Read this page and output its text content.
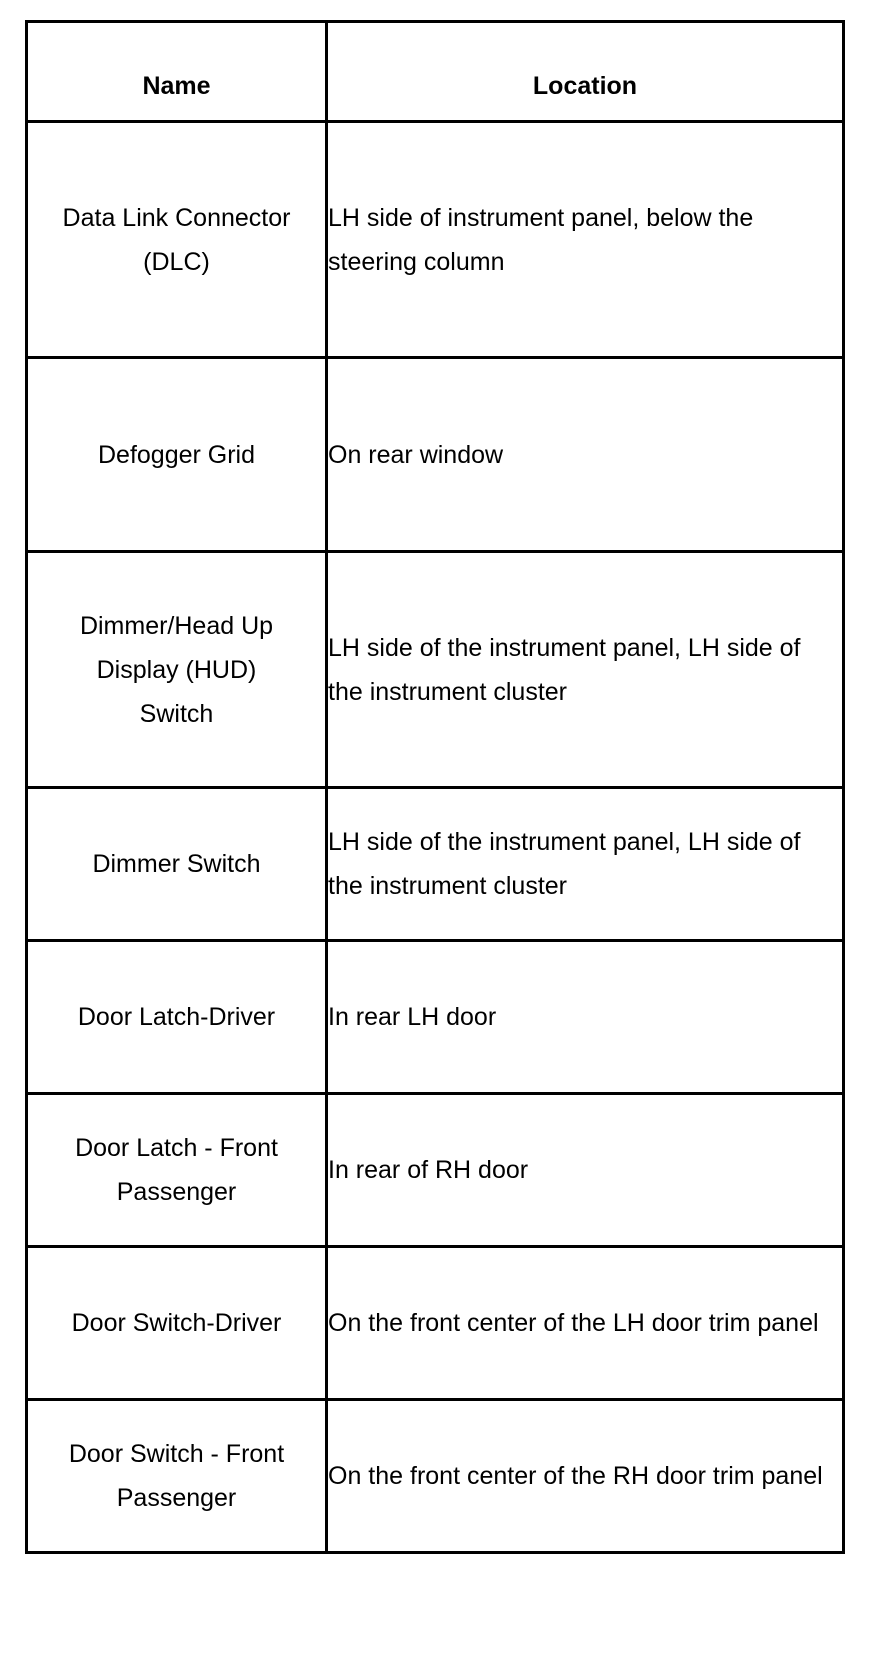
Name	Location
Data Link Connector (DLC)	LH side of instrument panel, below the steering column
Defogger Grid	On rear window
Dimmer/Head Up Display (HUD) Switch	LH side of the instrument panel, LH side of the instrument cluster
Dimmer Switch	LH side of the instrument panel, LH side of the instrument cluster
Door Latch-Driver	In rear LH door
Door Latch - Front Passenger	In rear of RH door
Door Switch-Driver	On the front center of the LH door trim panel
Door Switch - Front Passenger	On the front center of the RH door trim panel
